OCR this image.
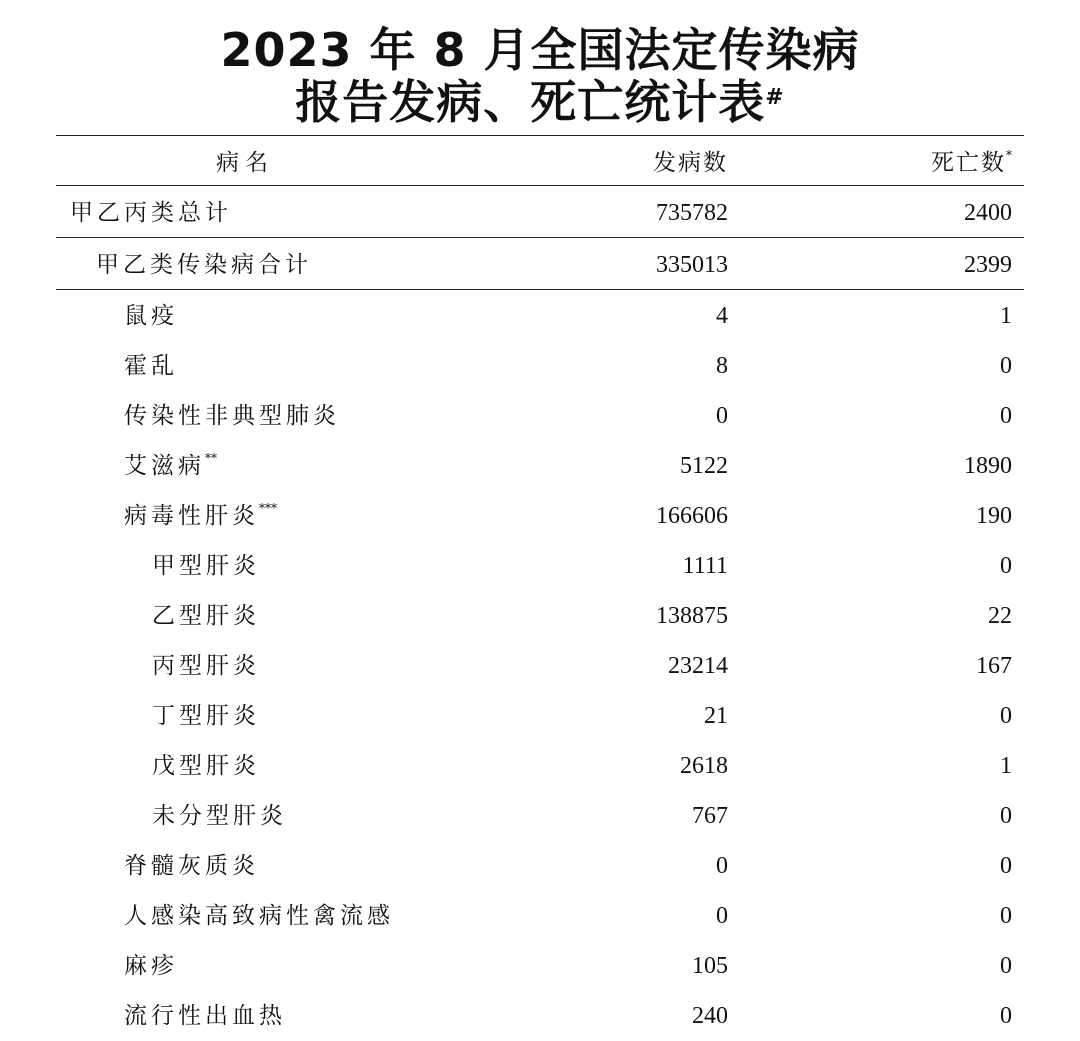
2023 年 8 月全国法定传染病
报告发病、死亡统计表#
病名	发病数	死亡数*
甲乙丙类总计	735782	2400
甲乙类传染病合计	335013	2399
鼠疫	4	1
霍乱	8	0
传染性非典型肺炎	0	0
艾滋病**	5122	1890
病毒性肝炎***	166606	190
甲型肝炎	1111	0
乙型肝炎	138875	22
丙型肝炎	23214	167
丁型肝炎	21	0
戊型肝炎	2618	1
未分型肝炎	767	0
脊髓灰质炎	0	0
人感染高致病性禽流感	0	0
麻疹	105	0
流行性出血热	240	0
